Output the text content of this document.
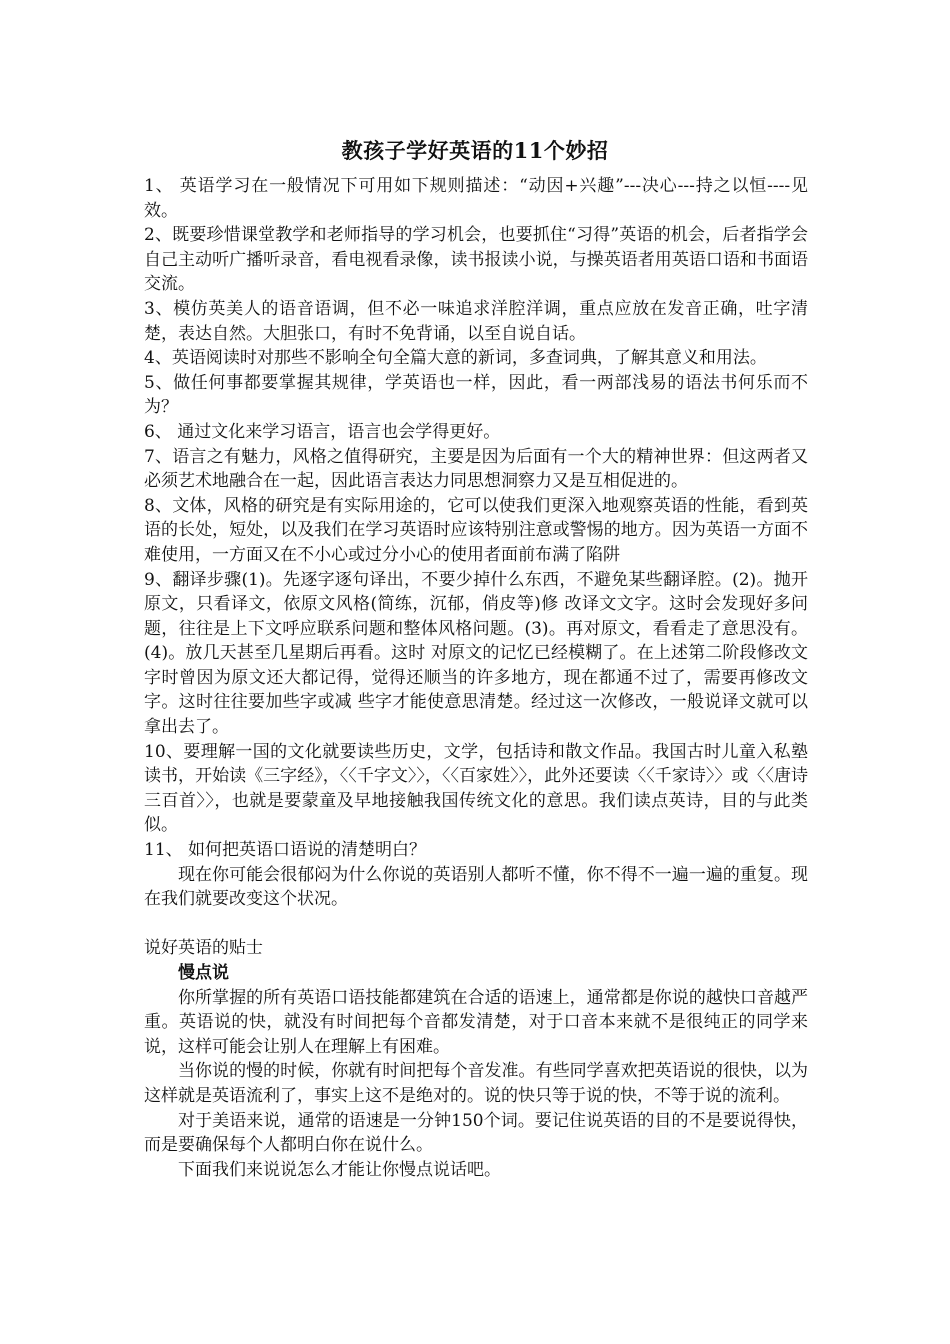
教孩子学好英语的11个妙招

1、 英语学习在一般情况下可用如下规则描述：“动因+兴趣”---决心---持之以恒----见效。

2、既要珍惜课堂教学和老师指导的学习机会，也要抓住“习得”英语的机会，后者指学会自己主动听广播听录音，看电视看录像，读书报读小说，与操英语者用英语口语和书面语交流。

3、模仿英美人的语音语调，但不必一味追求洋腔洋调，重点应放在发音正确，吐字清楚，表达自然。大胆张口，有时不免背诵，以至自说自话。

4、英语阅读时对那些不影响全句全篇大意的新词，多查词典，了解其意义和用法。

5、做任何事都要掌握其规律，学英语也一样，因此，看一两部浅易的语法书何乐而不为？

6、 通过文化来学习语言，语言也会学得更好。

7、语言之有魅力，风格之值得研究，主要是因为后面有一个大的精神世界：但这两者又必须艺术地融合在一起，因此语言表达力同思想洞察力又是互相促进的。

8、文体，风格的研究是有实际用途的，它可以使我们更深入地观察英语的性能，看到英语的长处，短处，以及我们在学习英语时应该特别注意或警惕的地方。因为英语一方面不难使用，一方面又在不小心或过分小心的使用者面前布满了陷阱

9、翻译步骤(1)。先逐字逐句译出，不要少掉什么东西，不避免某些翻译腔。(2)。抛开原文，只看译文，依原文风格(简练，沉郁，俏皮等)修 改译文文字。这时会发现好多问题，往往是上下文呼应联系问题和整体风格问题。(3)。再对原文，看看走了意思没有。(4)。放几天甚至几星期后再看。这时 对原文的记忆已经模糊了。在上述第二阶段修改文字时曾因为原文还大都记得，觉得还顺当的许多地方，现在都通不过了，需要再修改文字。这时往往要加些字或减 些字才能使意思清楚。经过这一次修改，一般说译文就可以拿出去了。

10、要理解一国的文化就要读些历史，文学，包括诗和散文作品。我国古时儿童入私塾读书，开始读《三字经》，〈〈千字文〉〉，〈〈百家姓〉〉，此外还要读〈〈千家诗〉〉或〈〈唐诗三百首〉〉，也就是要蒙童及早地接触我国传统文化的意思。我们读点英诗，目的与此类似。

11、 如何把英语口语说的清楚明白？

现在你可能会很郁闷为什么你说的英语别人都听不懂，你不得不一遍一遍的重复。现在我们就要改变这个状况。

说好英语的贴士

慢点说

你所掌握的所有英语口语技能都建筑在合适的语速上，通常都是你说的越快口音越严重。英语说的快，就没有时间把每个音都发清楚，对于口音本来就不是很纯正的同学来说，这样可能会让别人在理解上有困难。

当你说的慢的时候，你就有时间把每个音发准。有些同学喜欢把英语说的很快，以为这样就是英语流利了，事实上这不是绝对的。说的快只等于说的快，不等于说的流利。

对于美语来说，通常的语速是一分钟150个词。要记住说英语的目的不是要说得快，而是要确保每个人都明白你在说什么。

下面我们来说说怎么才能让你慢点说话吧。
